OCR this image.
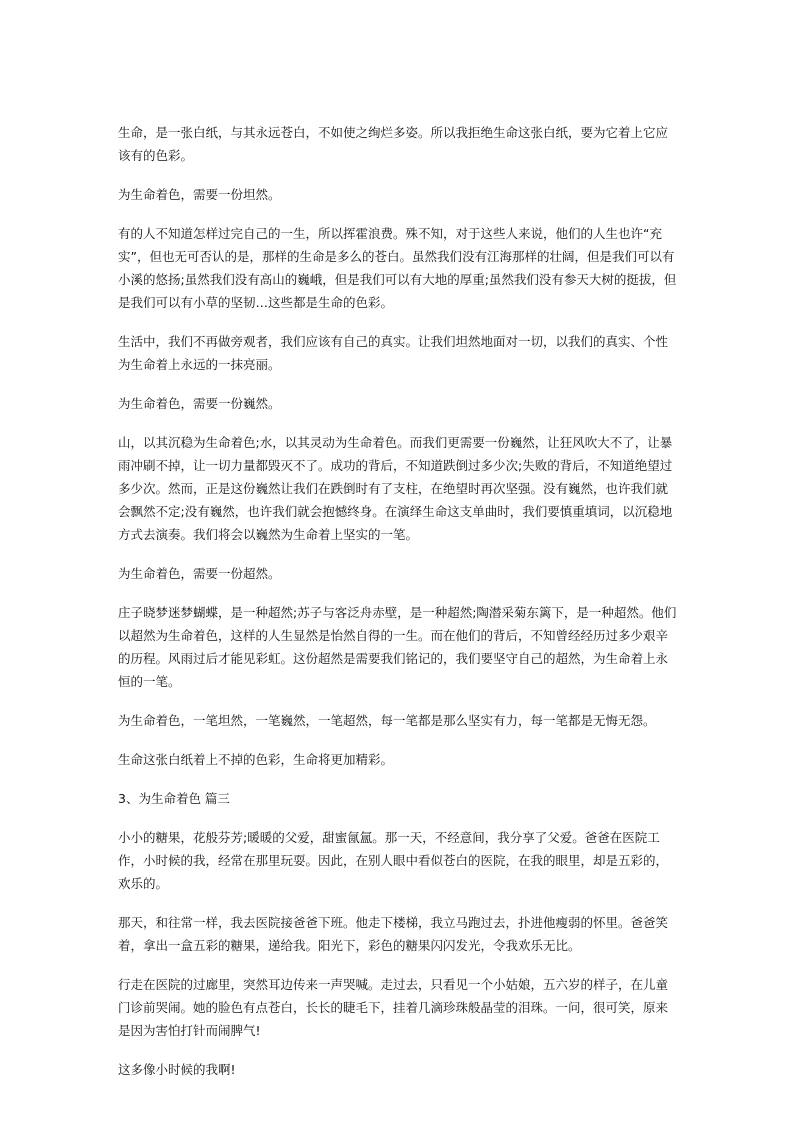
生命，是一张白纸，与其永远苍白，不如使之绚烂多姿。所以我拒绝生命这张白纸，要为它着上它应该有的色彩。

为生命着色，需要一份坦然。

有的人不知道怎样过完自己的一生，所以挥霍浪费。殊不知，对于这些人来说，他们的人生也许“充实”，但也无可否认的是，那样的生命是多么的苍白。虽然我们没有江海那样的壮阔，但是我们可以有小溪的悠扬;虽然我们没有高山的巍峨，但是我们可以有大地的厚重;虽然我们没有参天大树的挺拔，但是我们可以有小草的坚韧…这些都是生命的色彩。

生活中，我们不再做旁观者，我们应该有自己的真实。让我们坦然地面对一切，以我们的真实、个性为生命着上永远的一抹亮丽。

为生命着色，需要一份巍然。

山，以其沉稳为生命着色;水，以其灵动为生命着色。而我们更需要一份巍然，让狂风吹大不了，让暴雨冲刷不掉，让一切力量都毁灭不了。成功的背后，不知道跌倒过多少次;失败的背后，不知道绝望过多少次。然而，正是这份巍然让我们在跌倒时有了支柱，在绝望时再次坚强。没有巍然，也许我们就会飘然不定;没有巍然，也许我们就会抱憾终身。在演绎生命这支单曲时，我们要慎重填词，以沉稳地方式去演奏。我们将会以巍然为生命着上坚实的一笔。

为生命着色，需要一份超然。

庄子晓梦迷梦蝴蝶，是一种超然;苏子与客泛舟赤壁，是一种超然;陶潜采菊东篱下，是一种超然。他们以超然为生命着色，这样的人生显然是怡然自得的一生。而在他们的背后，不知曾经经历过多少艰辛的历程。风雨过后才能见彩虹。这份超然是需要我们铭记的，我们要坚守自己的超然，为生命着上永恒的一笔。

为生命着色，一笔坦然，一笔巍然，一笔超然，每一笔都是那么坚实有力，每一笔都是无悔无怨。

生命这张白纸着上不掉的色彩，生命将更加精彩。

3、为生命着色 篇三

小小的糖果，花般芬芳;暖暖的父爱，甜蜜氤氲。那一天，不经意间，我分享了父爱。爸爸在医院工作，小时候的我，经常在那里玩耍。因此，在别人眼中看似苍白的医院，在我的眼里，却是五彩的，欢乐的。

那天，和往常一样，我去医院接爸爸下班。他走下楼梯，我立马跑过去，扑进他瘦弱的怀里。爸爸笑着，拿出一盒五彩的糖果，递给我。阳光下，彩色的糖果闪闪发光，令我欢乐无比。

行走在医院的过廊里，突然耳边传来一声哭喊。走过去，只看见一个小姑娘，五六岁的样子，在儿童门诊前哭闹。她的脸色有点苍白，长长的睫毛下，挂着几滴珍珠般晶莹的泪珠。一问，很可笑，原来是因为害怕打针而闹脾气!

这多像小时候的我啊!
